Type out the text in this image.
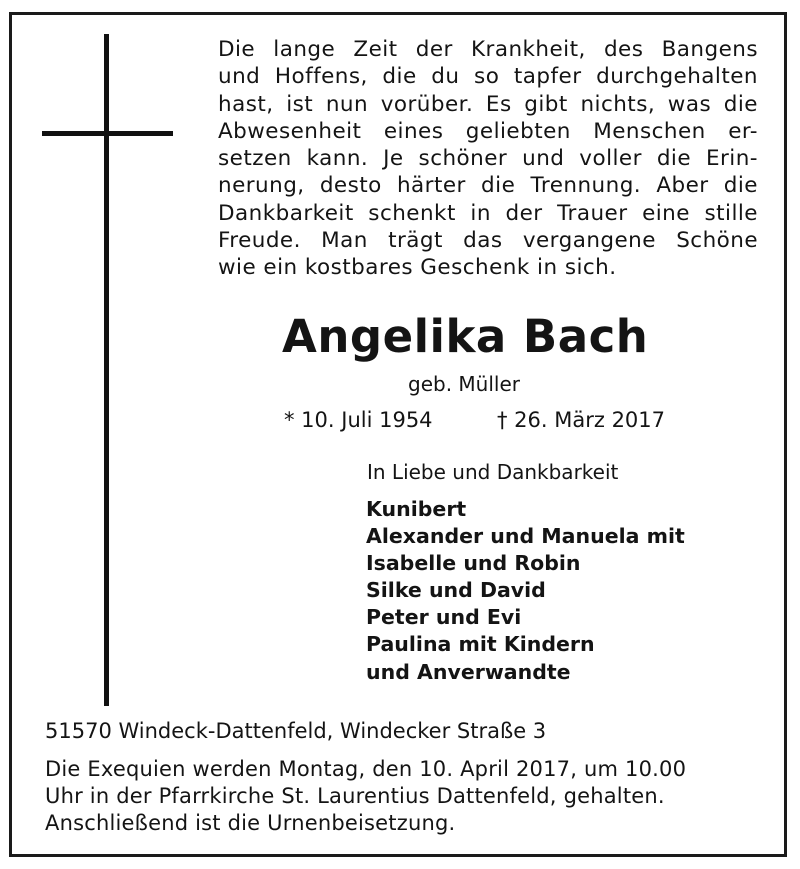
Die lange Zeit der Krankheit, des Bangens
und Hoffens, die du so tapfer durchgehalten
hast, ist nun vorüber. Es gibt nichts, was die
Abwesenheit eines geliebten Menschen er-
setzen kann. Je schöner und voller die Erin-
nerung, desto härter die Trennung. Aber die
Dankbarkeit schenkt in der Trauer eine stille
Freude. Man trägt das vergangene Schöne
wie ein kostbares Geschenk in sich.
Angelika Bach
geb. Müller
* 10. Juli 1954	† 26. März 2017
In Liebe und Dankbarkeit
Kunibert
Alexander und Manuela mit
Isabelle und Robin
Silke und David
Peter und Evi
Paulina mit Kindern
und Anverwandte
51570 Windeck-Dattenfeld, Windecker Straße 3
Die Exequien werden Montag, den 10. April 2017, um 10.00
Uhr in der Pfarrkirche St. Laurentius Dattenfeld, gehalten.
Anschließend ist die Urnenbeisetzung.
